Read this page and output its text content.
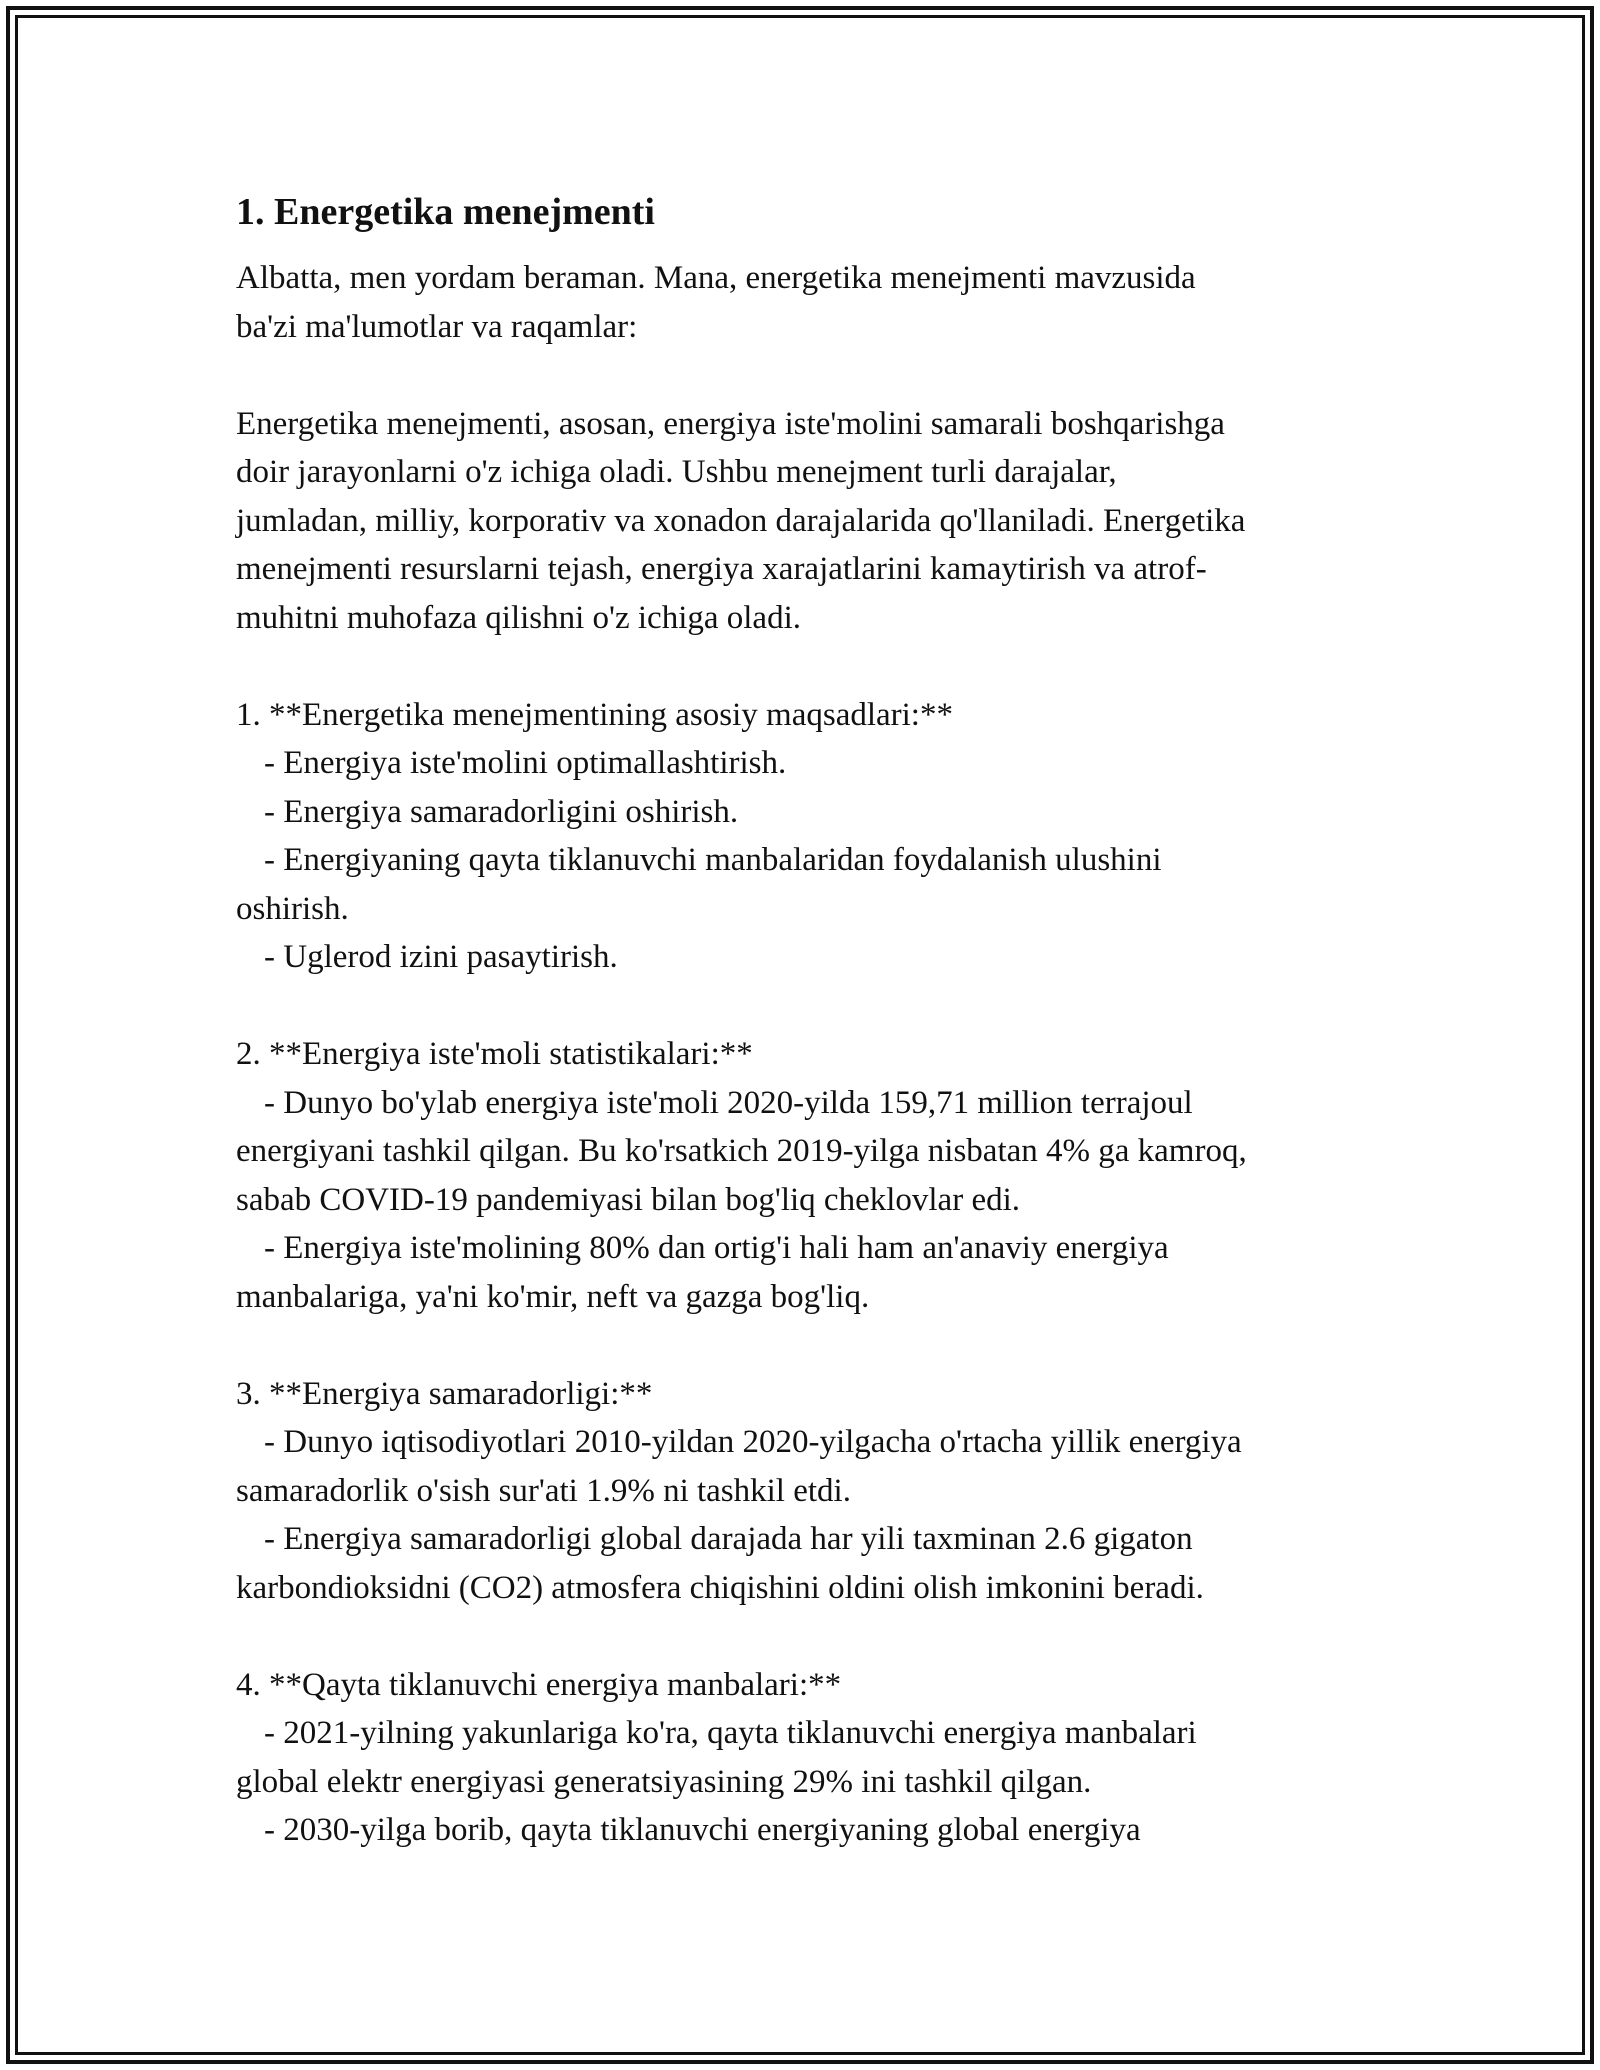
1. Energetika menejmenti

Albatta, men yordam beraman. Mana, energetika menejmenti mavzusida
ba'zi ma'lumotlar va raqamlar:

Energetika menejmenti, asosan, energiya iste'molini samarali boshqarishga
doir jarayonlarni o'z ichiga oladi. Ushbu menejment turli darajalar,
jumladan, milliy, korporativ va xonadon darajalarida qo'llaniladi. Energetika
menejmenti resurslarni tejash, energiya xarajatlarini kamaytirish va atrof-
muhitni muhofaza qilishni o'z ichiga oladi.

1. **Energetika menejmentining asosiy maqsadlari:**

- Energiya iste'molini optimallashtirish.

- Energiya samaradorligini oshirish.

- Energiyaning qayta tiklanuvchi manbalaridan foydalanish ulushini
oshirish.

- Uglerod izini pasaytirish.

2. **Energiya iste'moli statistikalari:**

- Dunyo bo'ylab energiya iste'moli 2020-yilda 159,71 million terrajoul
energiyani tashkil qilgan. Bu ko'rsatkich 2019-yilga nisbatan 4% ga kamroq,
sabab COVID-19 pandemiyasi bilan bog'liq cheklovlar edi.

- Energiya iste'molining 80% dan ortig'i hali ham an'anaviy energiya
manbalariga, ya'ni ko'mir, neft va gazga bog'liq.

3. **Energiya samaradorligi:**

- Dunyo iqtisodiyotlari 2010-yildan 2020-yilgacha o'rtacha yillik energiya
samaradorlik o'sish sur'ati 1.9% ni tashkil etdi.

- Energiya samaradorligi global darajada har yili taxminan 2.6 gigaton
karbondioksidni (CO2) atmosfera chiqishini oldini olish imkonini beradi.

4. **Qayta tiklanuvchi energiya manbalari:**

- 2021-yilning yakunlariga ko'ra, qayta tiklanuvchi energiya manbalari
global elektr energiyasi generatsiyasining 29% ini tashkil qilgan.

- 2030-yilga borib, qayta tiklanuvchi energiyaning global energiya
